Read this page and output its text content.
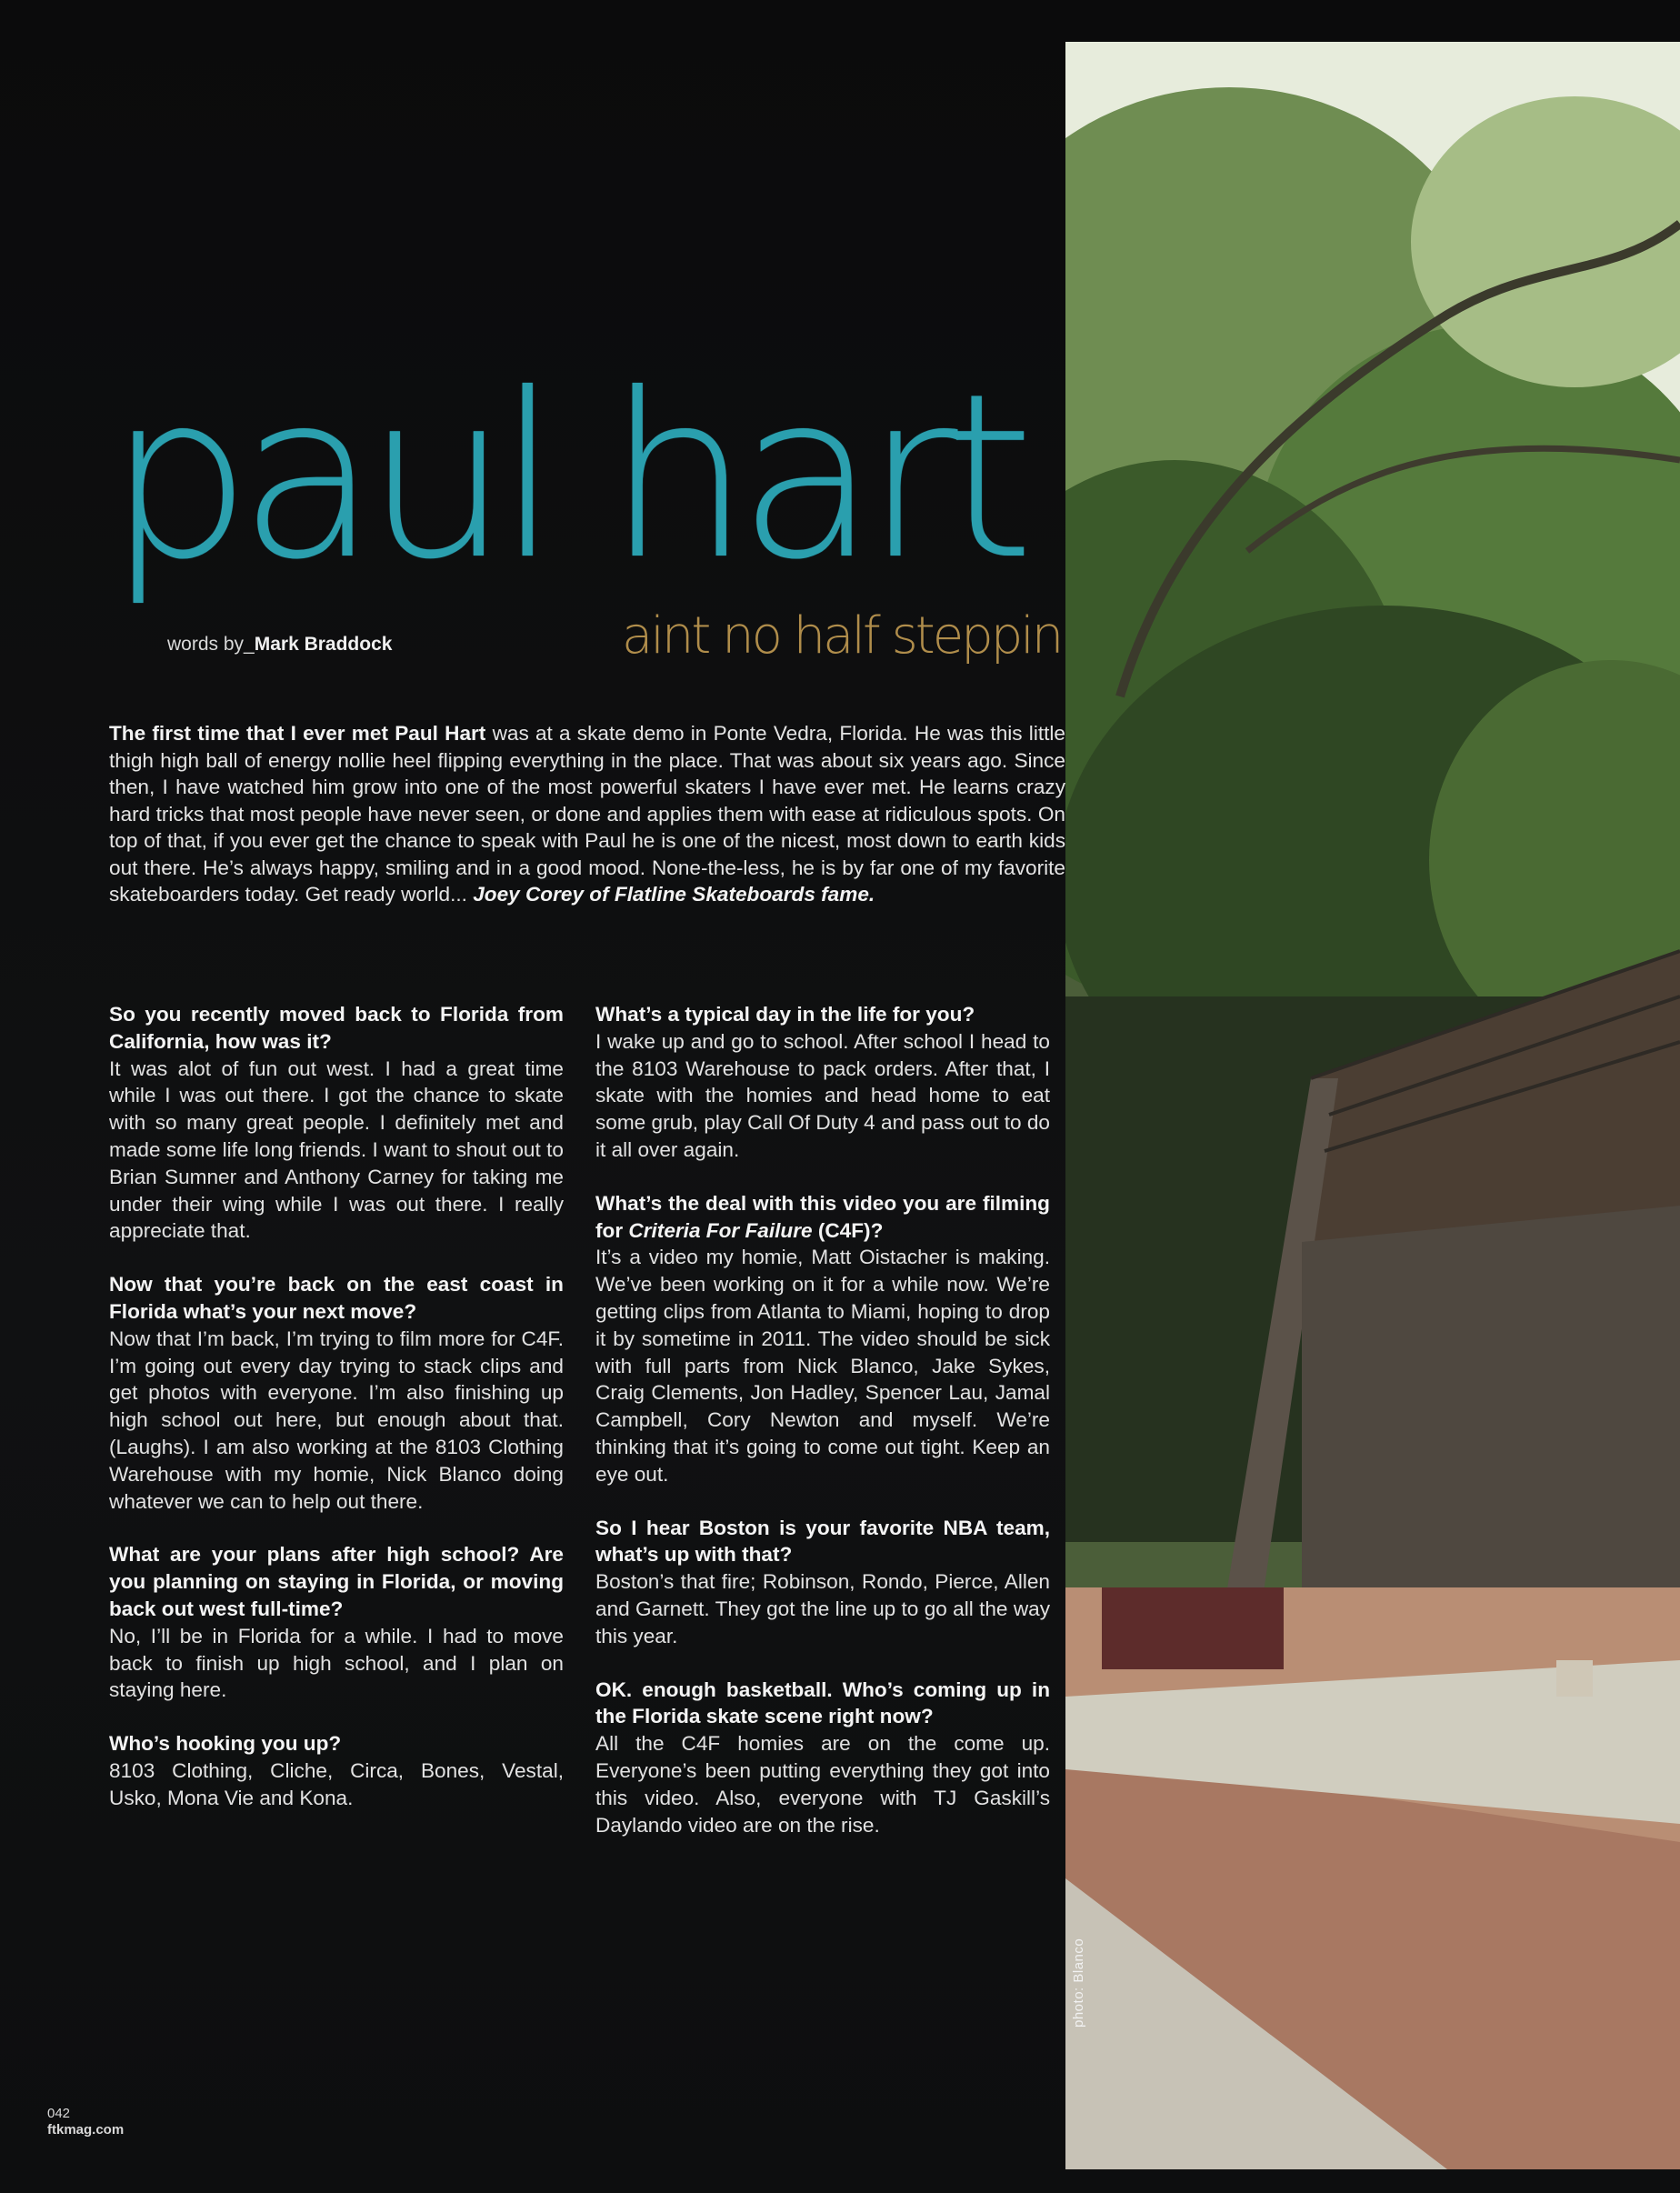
photo: Blanco
paul hart
aint no half steppin
words by_Mark Braddock
The first time that I ever met Paul Hart was at a skate demo in Ponte Vedra, Florida. He was this little thigh high ball of energy nollie heel flipping everything in the place. That was about six years ago. Since then, I have watched him grow into one of the most powerful skaters I have ever met. He learns crazy hard tricks that most people have never seen, or done and applies them with ease at ridiculous spots. On top of that, if you ever get the chance to speak with Paul he is one of the nicest, most down to earth kids out there. He’s always happy, smiling and in a good mood. None-the-less, he is by far one of my favorite skateboarders today. Get ready world... Joey Corey of Flatline Skateboards fame.

So you recently moved back to Florida from California, how was it?

It was alot of fun out west. I had a great time while I was out there. I got the chance to skate with so many great people. I definitely met and made some life long friends. I want to shout out to Brian Sumner and Anthony Carney for taking me under their wing while I was out there. I really appreciate that.

Now that you’re back on the east coast in Florida what’s your next move?

Now that I’m back, I’m trying to film more for C4F. I’m going out every day trying to stack clips and get photos with everyone. I’m also finishing up high school out here, but enough about that. (Laughs). I am also working at the 8103 Clothing Warehouse with my homie, Nick Blanco doing whatever we can to help out there.

What are your plans after high school? Are you planning on staying in Florida, or moving back out west full-time?

No, I’ll be in Florida for a while. I had to move back to finish up high school, and I plan on staying here.

Who’s hooking you up?

8103 Clothing, Cliche, Circa, Bones, Vestal, Usko, Mona Vie and Kona.

What’s a typical day in the life for you?

I wake up and go to school. After school I head to the 8103 Warehouse to pack orders. After that, I skate with the homies and head home to eat some grub, play Call Of Duty 4 and pass out to do it all over again.

What’s the deal with this video you are filming for Criteria For Failure (C4F)?

It’s a video my homie, Matt Oistacher is making. We’ve been working on it for a while now. We’re getting clips from Atlanta to Miami, hoping to drop it by sometime in 2011. The video should be sick with full parts from Nick Blanco, Jake Sykes, Craig Clements, Jon Hadley, Spencer Lau, Jamal Campbell, Cory Newton and myself. We’re thinking that it’s going to come out tight. Keep an eye out.

So I hear Boston is your favorite NBA team, what’s up with that?

Boston’s that fire; Robinson, Rondo, Pierce, Allen and Garnett. They got the line up to go all the way this year.

OK. enough basketball. Who’s coming up in the Florida skate scene right now?

All the C4F homies are on the come up. Everyone’s been putting everything they got into this video. Also, everyone with TJ Gaskill’s Daylando video are on the rise.

042
ftkmag.com
